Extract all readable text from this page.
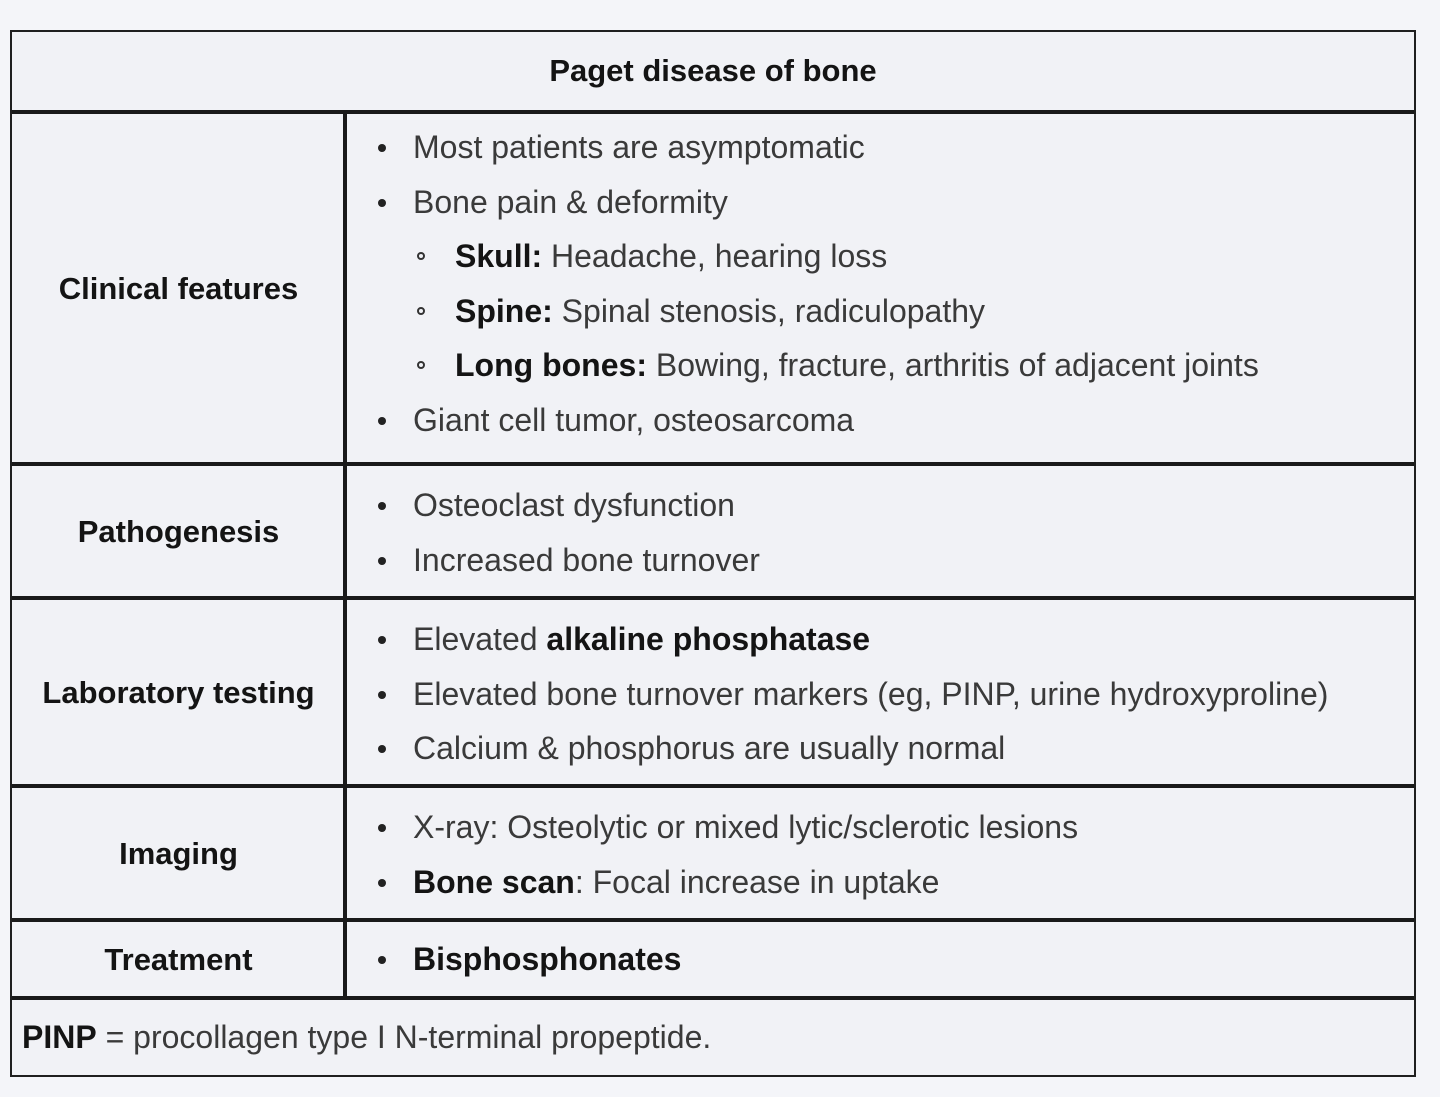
Paget disease of bone
Clinical features
Most patients are asymptomatic
Bone pain & deformity
Skull: Headache, hearing loss
Spine: Spinal stenosis, radiculopathy
Long bones: Bowing, fracture, arthritis of adjacent joints
Giant cell tumor, osteosarcoma
Pathogenesis
Osteoclast dysfunction
Increased bone turnover
Laboratory testing
Elevated alkaline phosphatase
Elevated bone turnover markers (eg, PINP, urine hydroxyproline)
Calcium & phosphorus are usually normal
Imaging
X-ray: Osteolytic or mixed lytic/sclerotic lesions
Bone scan: Focal increase in uptake
Treatment	Bisphosphonates
PINP = procollagen type I N-terminal propeptide.
